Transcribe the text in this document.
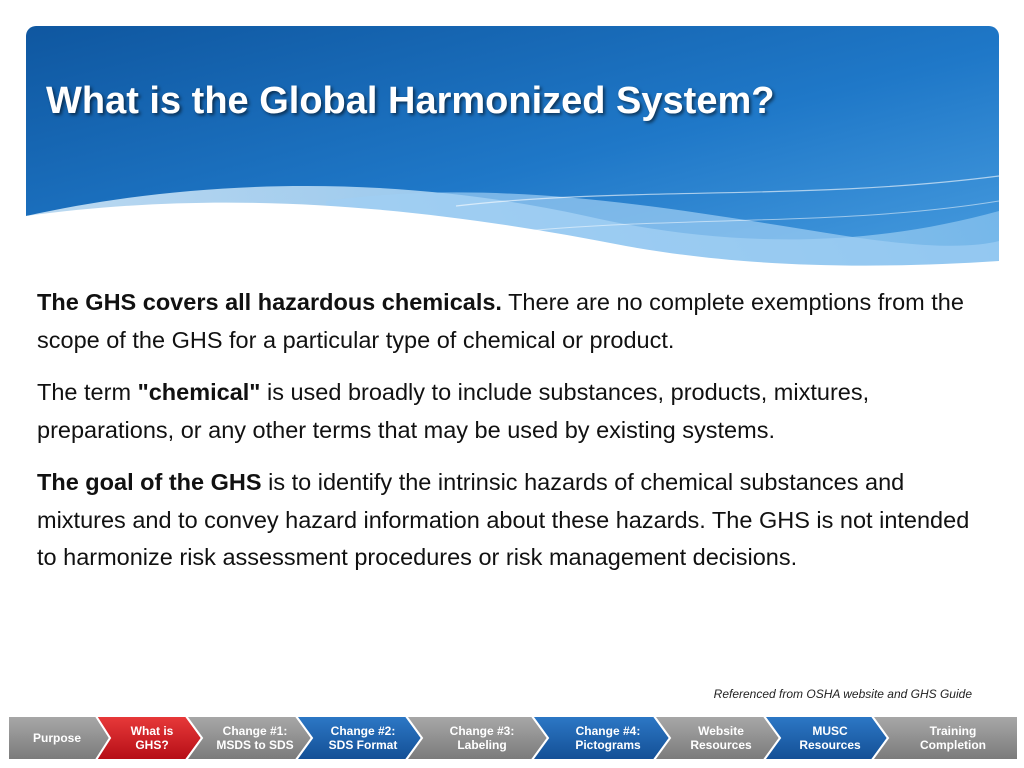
What is the Global Harmonized System?

The GHS covers all hazardous chemicals. There are no complete exemptions from the scope of the GHS for a particular type of chemical or product.

The term "chemical" is used broadly to include substances, products, mixtures, preparations, or any other terms that may be used by existing systems.

The goal of the GHS is to identify the intrinsic hazards of chemical substances and mixtures and to convey hazard information about these hazards. The GHS is not intended to harmonize risk assessment procedures or risk management decisions.

Referenced from OSHA website and GHS Guide
Purpose	What is
GHS?
Change #1:
MSDS to SDS
Change #2:
SDS Format
Change #3:
Labeling
Change #4:
Pictograms
Website
Resources
MUSC
Resources
Training
Completion
